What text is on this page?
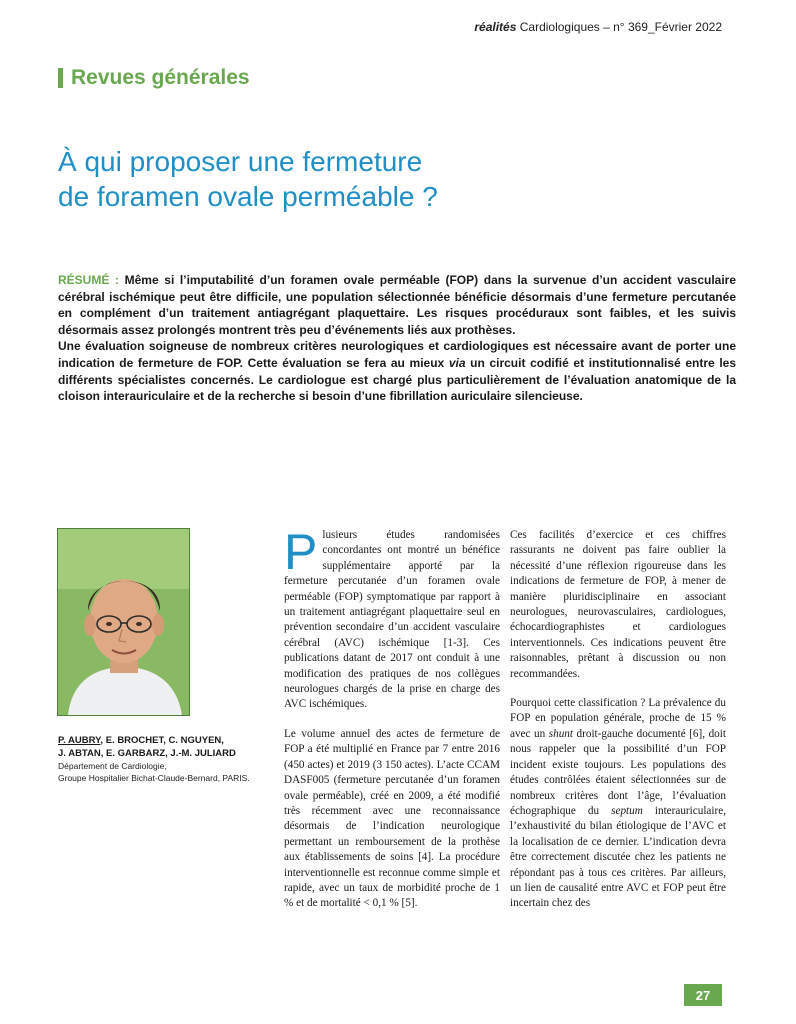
réalités Cardiologiques – n° 369_Février 2022
Revues générales
À qui proposer une fermeture
de foramen ovale perméable ?

RÉSUMÉ : Même si l’imputabilité d’un foramen ovale perméable (FOP) dans la survenue d’un accident vasculaire cérébral ischémique peut être difficile, une population sélectionnée bénéficie désormais d’une fermeture percutanée en complément d’un traitement antiagrégant plaquettaire. Les risques procéduraux sont faibles, et les suivis désormais assez prolongés montrent très peu d’événements liés aux prothèses.

Une évaluation soigneuse de nombreux critères neurologiques et cardiologiques est nécessaire avant de porter une indication de fermeture de FOP. Cette évaluation se fera au mieux via un circuit codifié et institutionnalisé entre les différents spécialistes concernés. Le cardiologue est chargé plus particulièrement de l’évaluation anatomique de la cloison interauriculaire et de la recherche si besoin d’une fibrillation auriculaire silencieuse.

P. AUBRY, E. BROCHET, C. NGUYEN,

J. ABTAN, E. GARBARZ, J.-M. JULIARD

Département de Cardiologie,

Groupe Hospitalier Bichat-Claude-Bernard, PARIS.

Plusieurs études randomisées concordantes ont montré un bénéfice supplémentaire apporté par la fermeture percutanée d’un foramen ovale perméable (FOP) symptomatique par rapport à un traitement antiagrégant plaquettaire seul en prévention secondaire d’un accident vasculaire cérébral (AVC) ischémique [1-3]. Ces publications datant de 2017 ont conduit à une modification des pratiques de nos collègues neurologues chargés de la prise en charge des AVC ischémiques.

Le volume annuel des actes de fermeture de FOP a été multiplié en France par 7 entre 2016 (450 actes) et 2019 (3 150 actes). L’acte CCAM DASF005 (fermeture percutanée d’un foramen ovale perméable), créé en 2009, a été modifié très récemment avec une reconnaissance désormais de l’indication neurologique permettant un remboursement de la prothèse aux établissements de soins [4]. La procédure interventionnelle est reconnue comme simple et rapide, avec un taux de morbidité proche de 1 % et de mortalité < 0,1 % [5].

Ces facilités d’exercice et ces chiffres rassurants ne doivent pas faire oublier la nécessité d’une réflexion rigoureuse dans les indications de fermeture de FOP, à mener de manière pluridisciplinaire en associant neurologues, neurovasculaires, cardiologues, échocardiographistes et cardiologues interventionnels. Ces indications peuvent être raisonnables, prêtant à discussion ou non recommandées.

Pourquoi cette classification ? La prévalence du FOP en population générale, proche de 15 % avec un shunt droit-gauche documenté [6], doit nous rappeler que la possibilité d’un FOP incident existe toujours. Les populations des études contrôlées étaient sélectionnées sur de nombreux critères dont l’âge, l’évaluation échographique du septum interauriculaire, l’exhaustivité du bilan étiologique de l’AVC et la localisation de ce dernier. L’indication devra être correctement discutée chez les patients ne répondant pas à tous ces critères. Par ailleurs, un lien de causalité entre AVC et FOP peut être incertain chez des

27
